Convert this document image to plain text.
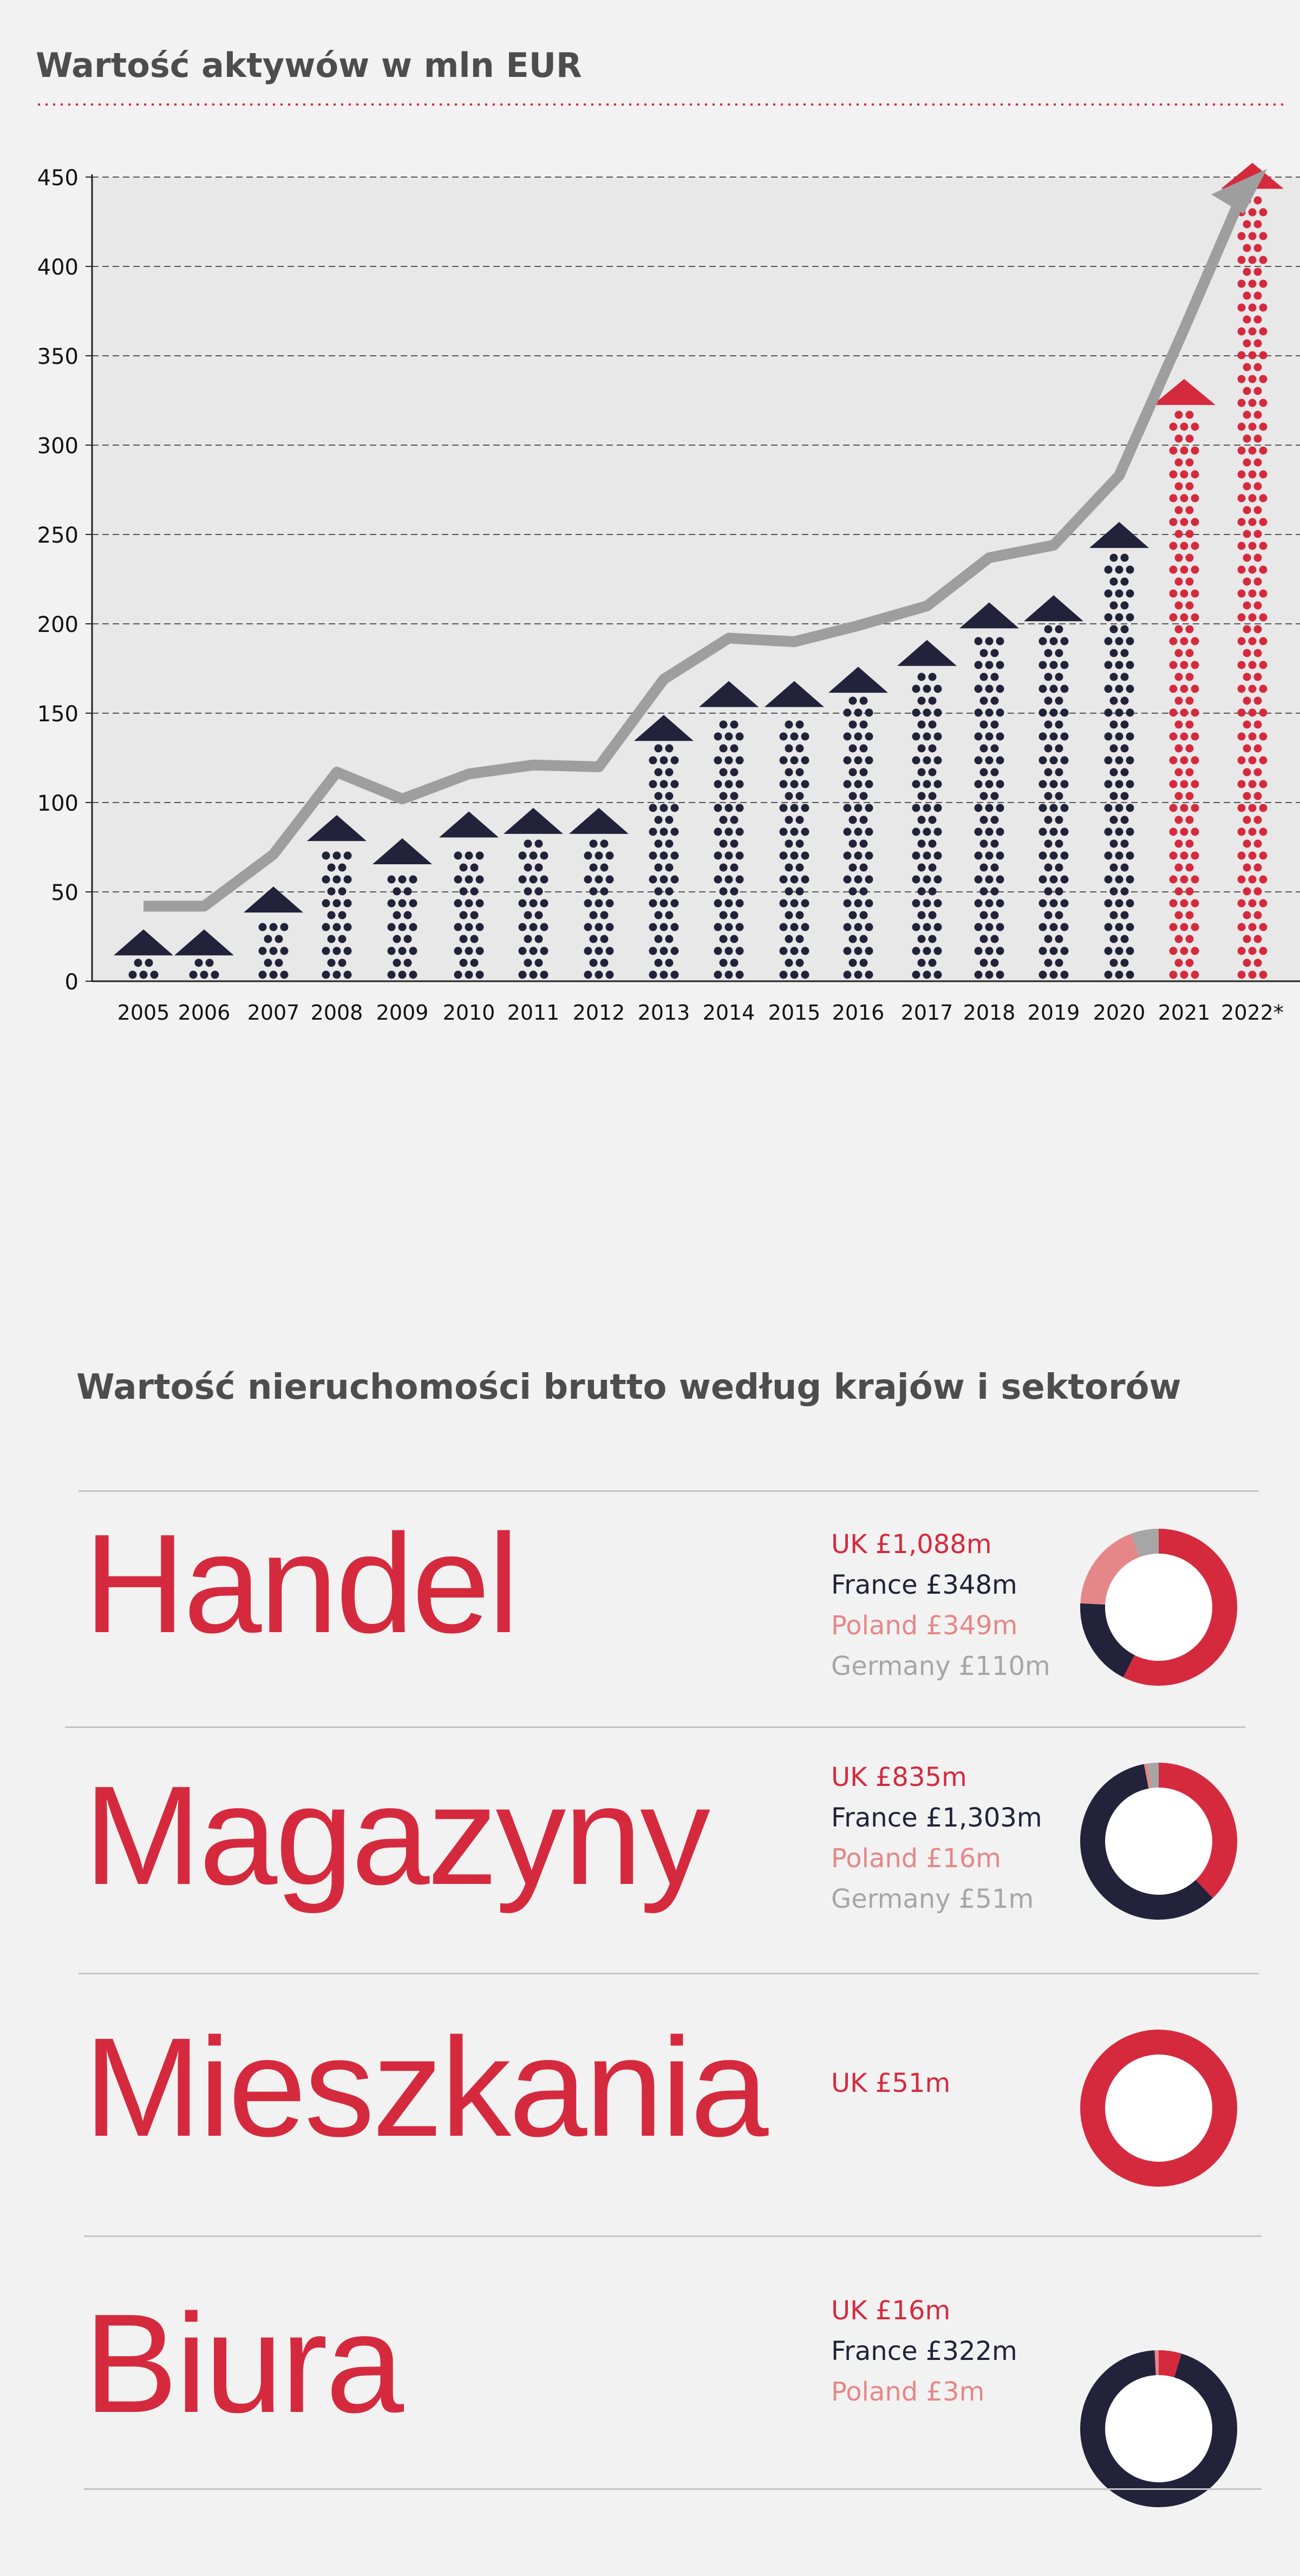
Wartość aktywów w mln EUR
0
50
100
150
200
250
300
350
400
450
2005 2006 2007 2008 2009 2010 2011 2012 2013 2014 2015 2016 2017 2018 2019 2020 2021 2022*
Wartość nieruchomości brutto według krajów i sektorów
Handel	UK £1,088m
France £348m
Poland £349m
Germany £110m
Magazyny	UK £835m
France £1,303m
Poland £16m
Germany £51m
Mieszkania UK £51m
Biura	UK £16m
France £322m
Poland £3m
